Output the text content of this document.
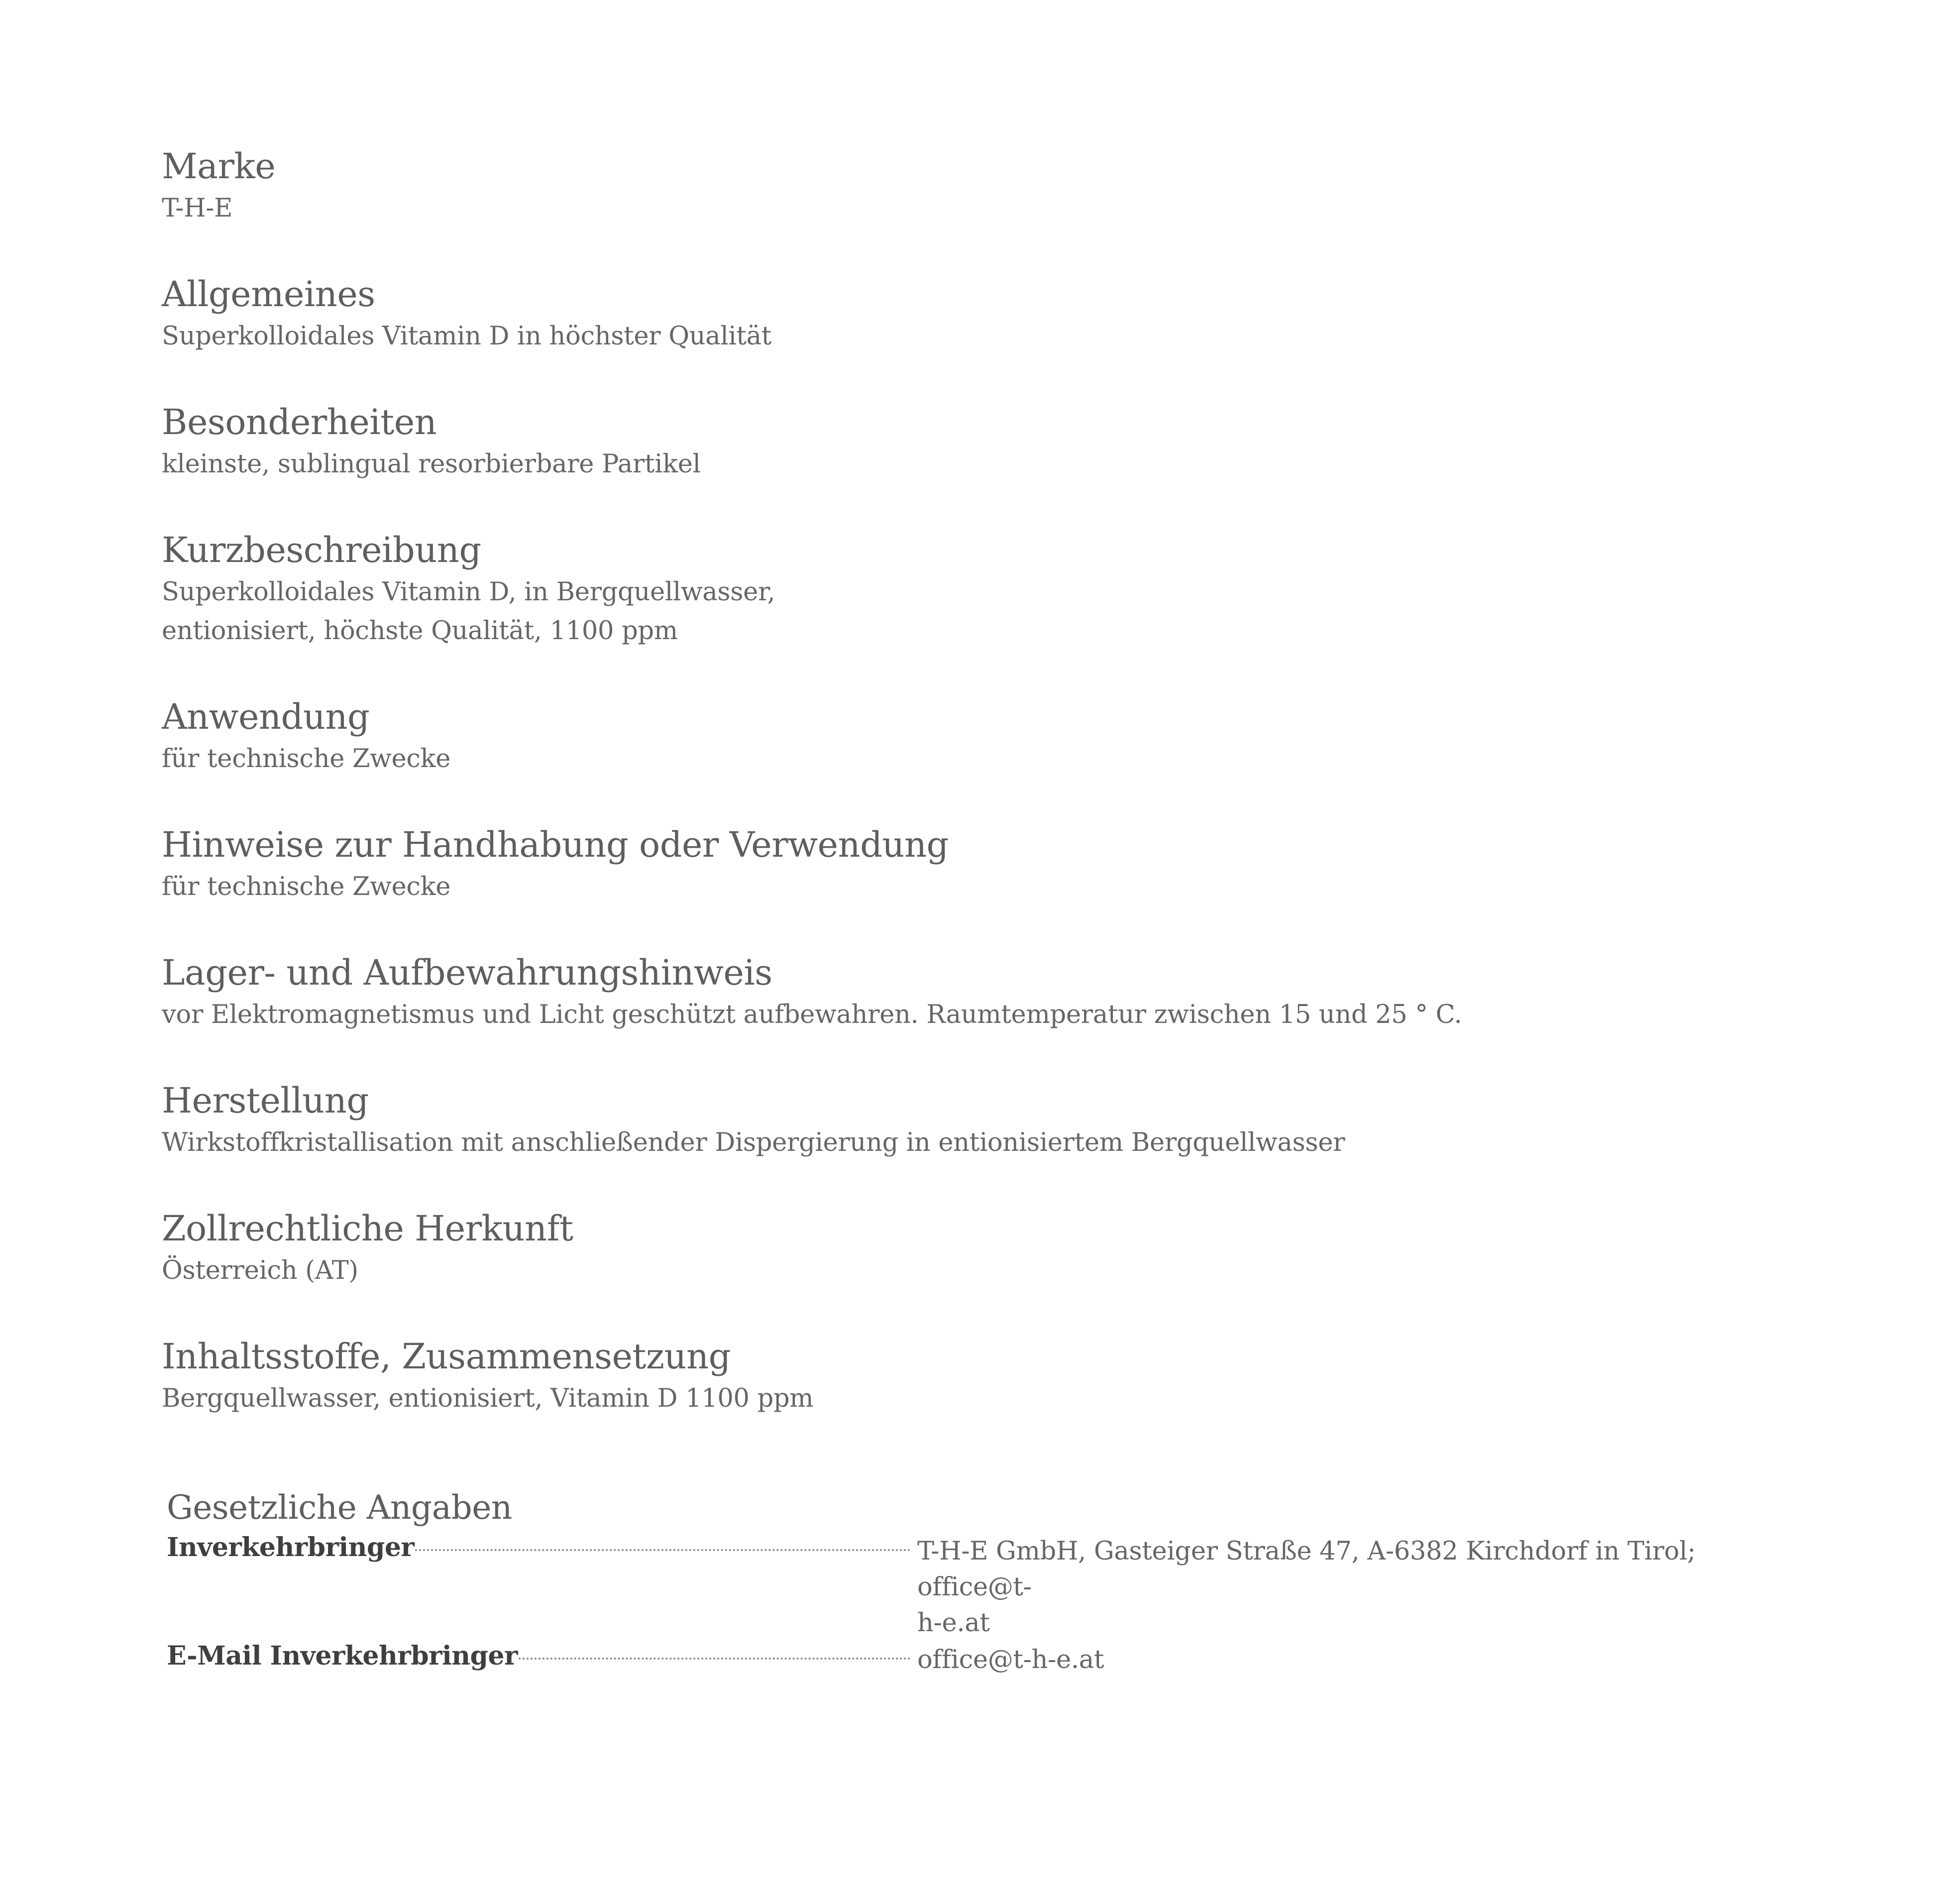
Marke

T-H-E

Allgemeines

Superkolloidales Vitamin D in höchster Qualität

Besonderheiten

kleinste, sublingual resorbierbare Partikel

Kurzbeschreibung

Superkolloidales Vitamin D, in Bergquellwasser,

entionisiert, höchste Qualität, 1100 ppm

Anwendung

für technische Zwecke

Hinweise zur Handhabung oder Verwendung

für technische Zwecke

Lager- und Aufbewahrungshinweis

vor Elektromagnetismus und Licht geschützt aufbewahren. Raumtemperatur zwischen 15 und 25 ° C.

Herstellung

Wirkstoffkristallisation mit anschließender Dispergierung in entionisiertem Bergquellwasser

Zollrechtliche Herkunft

Österreich (AT)

Inhaltsstoffe, Zusammensetzung

Bergquellwasser, entionisiert, Vitamin D 1100 ppm

Gesetzliche Angaben
Inverkehrbringer	T-H-E GmbH, Gasteiger Straße 47, A-6382 Kirchdorf in Tirol; office@t-
h-e.at
E-Mail Inverkehrbringer	office@t-h-e.at
